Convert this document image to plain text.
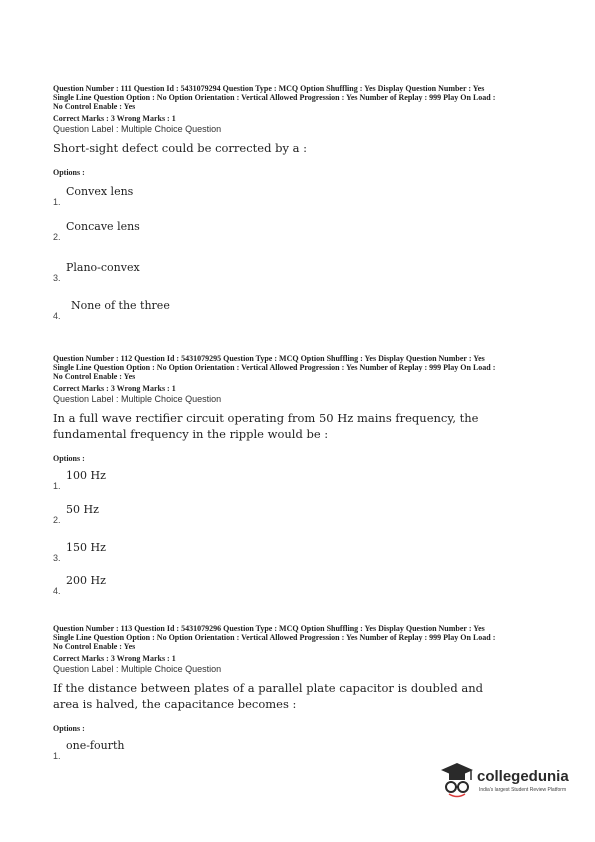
Question Number : 111 Question Id : 5431079294 Question Type : MCQ Option Shuffling : Yes Display Question Number : Yes
Single Line Question Option : No Option Orientation : Vertical Allowed Progression : Yes Number of Replay : 999 Play On Load :
No Control Enable : Yes

Correct Marks : 3 Wrong Marks : 1
Question Label : Multiple Choice Question
Short-sight defect could be corrected by a :
Options :
1.
Convex lens
2.
Concave lens
3.
Plano-convex
4.
None of the three

Question Number : 112 Question Id : 5431079295 Question Type : MCQ Option Shuffling : Yes Display Question Number : Yes
Single Line Question Option : No Option Orientation : Vertical Allowed Progression : Yes Number of Replay : 999 Play On Load :
No Control Enable : Yes

Correct Marks : 3 Wrong Marks : 1
Question Label : Multiple Choice Question
In a full wave rectifier circuit operating from 50 Hz mains frequency, the fundamental frequency in the ripple would be :
Options :
1.
100 Hz
2.
50 Hz
3.
150 Hz
4.
200 Hz

Question Number : 113 Question Id : 5431079296 Question Type : MCQ Option Shuffling : Yes Display Question Number : Yes
Single Line Question Option : No Option Orientation : Vertical Allowed Progression : Yes Number of Replay : 999 Play On Load :
No Control Enable : Yes

Correct Marks : 3 Wrong Marks : 1
Question Label : Multiple Choice Question
If the distance between plates of a parallel plate capacitor is doubled and area is halved, the capacitance becomes :
Options :
1.
one-fourth
collegedunia
India's largest Student Review Platform
